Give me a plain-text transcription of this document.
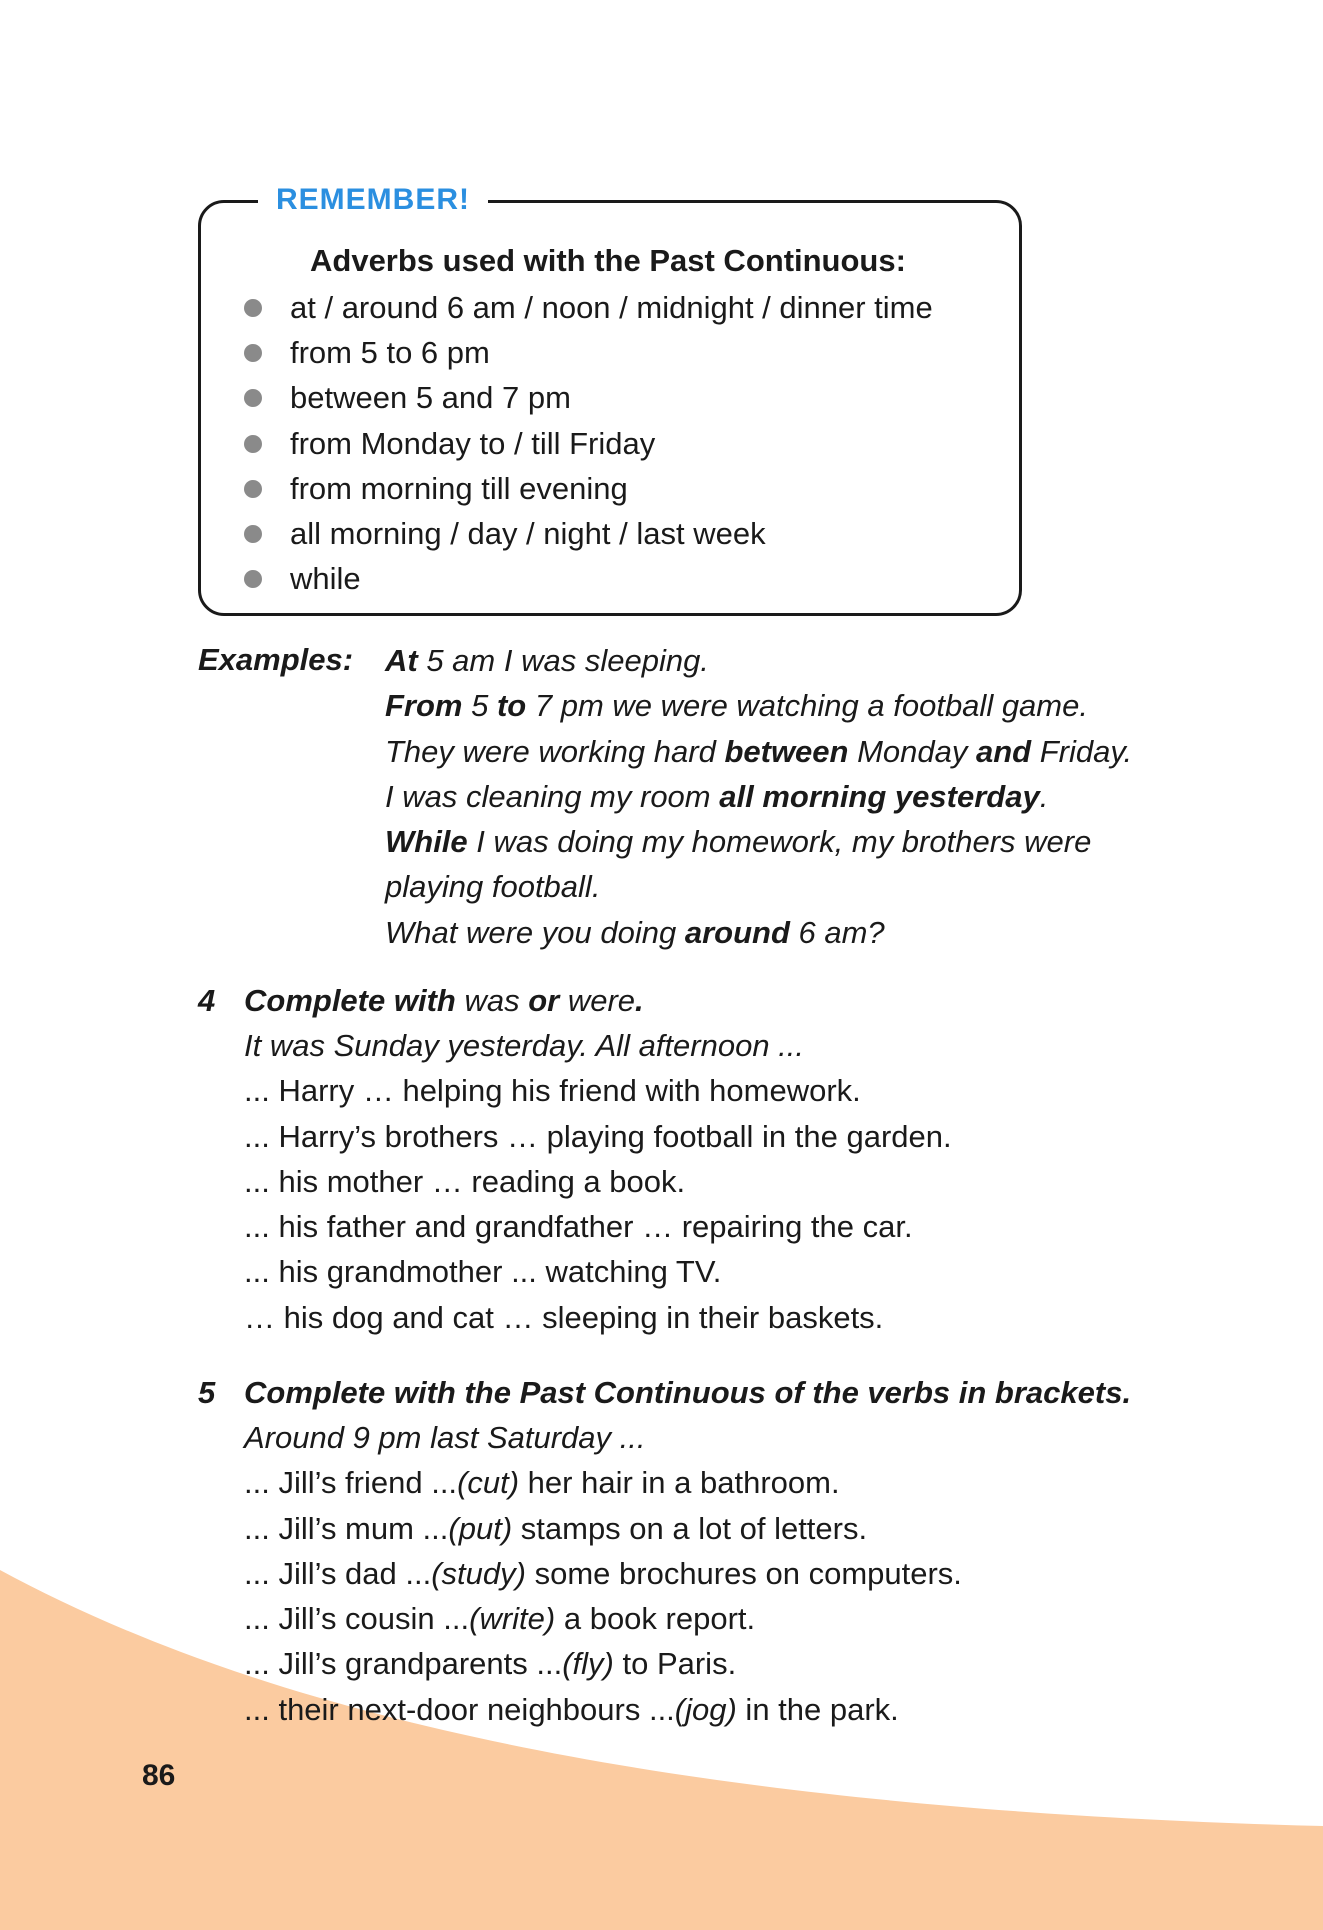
REMEMBER!
Adverbs used with the Past Continuous:
at / around 6 am / noon / midnight / dinner time
from 5 to 6 pm
between 5 and 7 pm
from Monday to / till Friday
from morning till evening
all morning / day / night / last week
while
Examples: At 5 am I was sleeping.
From 5 to 7 pm we were watching a football game.
They were working hard between Monday and Friday.
I was cleaning my room all morning yesterday.
While I was doing my homework, my brothers were
playing football.
What were you doing around 6 am?
4 Complete with was or were.
It was Sunday yesterday. All afternoon ...
... Harry … helping his friend with homework.
... Harry’s brothers … playing football in the garden.
... his mother … reading a book.
... his father and grandfather … repairing the car.
... his grandmother ... watching TV.
… his dog and cat … sleeping in their baskets.
5 Complete with the Past Continuous of the verbs in brackets.
Around 9 pm last Saturday ...
... Jill’s friend ...(cut) her hair in a bathroom.
... Jill’s mum ...(put) stamps on a lot of letters.
... Jill’s dad ...(study) some brochures on computers.
... Jill’s cousin ...(write) a book report.
... Jill’s grandparents ...(fly) to Paris.
... their next-door neighbours ...(jog) in the park.
86
